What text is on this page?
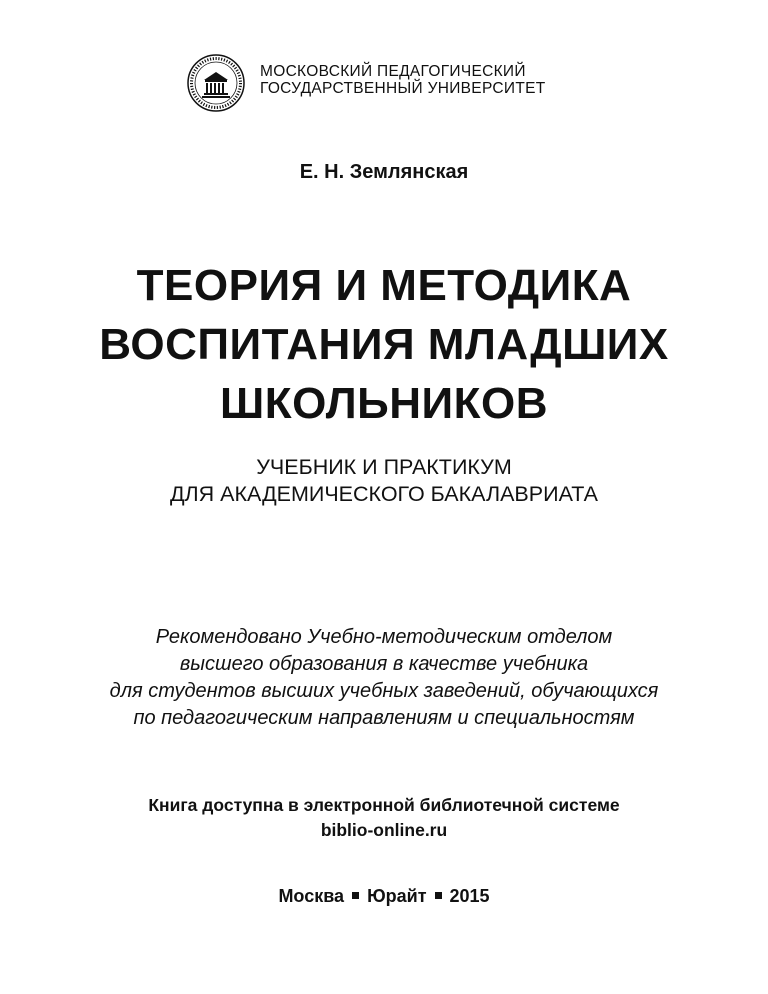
МОСКОВСКИЙ ПЕДАГОГИЧЕСКИЙ
ГОСУДАРСТВЕННЫЙ УНИВЕРСИТЕТ
Е. Н. Землянская
ТЕОРИЯ И МЕТОДИКА
ВОСПИТАНИЯ МЛАДШИХ
ШКОЛЬНИКОВ
УЧЕБНИК И ПРАКТИКУМ
ДЛЯ АКАДЕМИЧЕСКОГО БАКАЛАВРИАТА
Рекомендовано Учебно-методическим отделом
высшего образования в качестве учебника
для студентов высших учебных заведений, обучающихся
по педагогическим направлениям и специальностям
Книга доступна в электронной библиотечной системе
biblio-online.ru
Москва Юрайт 2015
